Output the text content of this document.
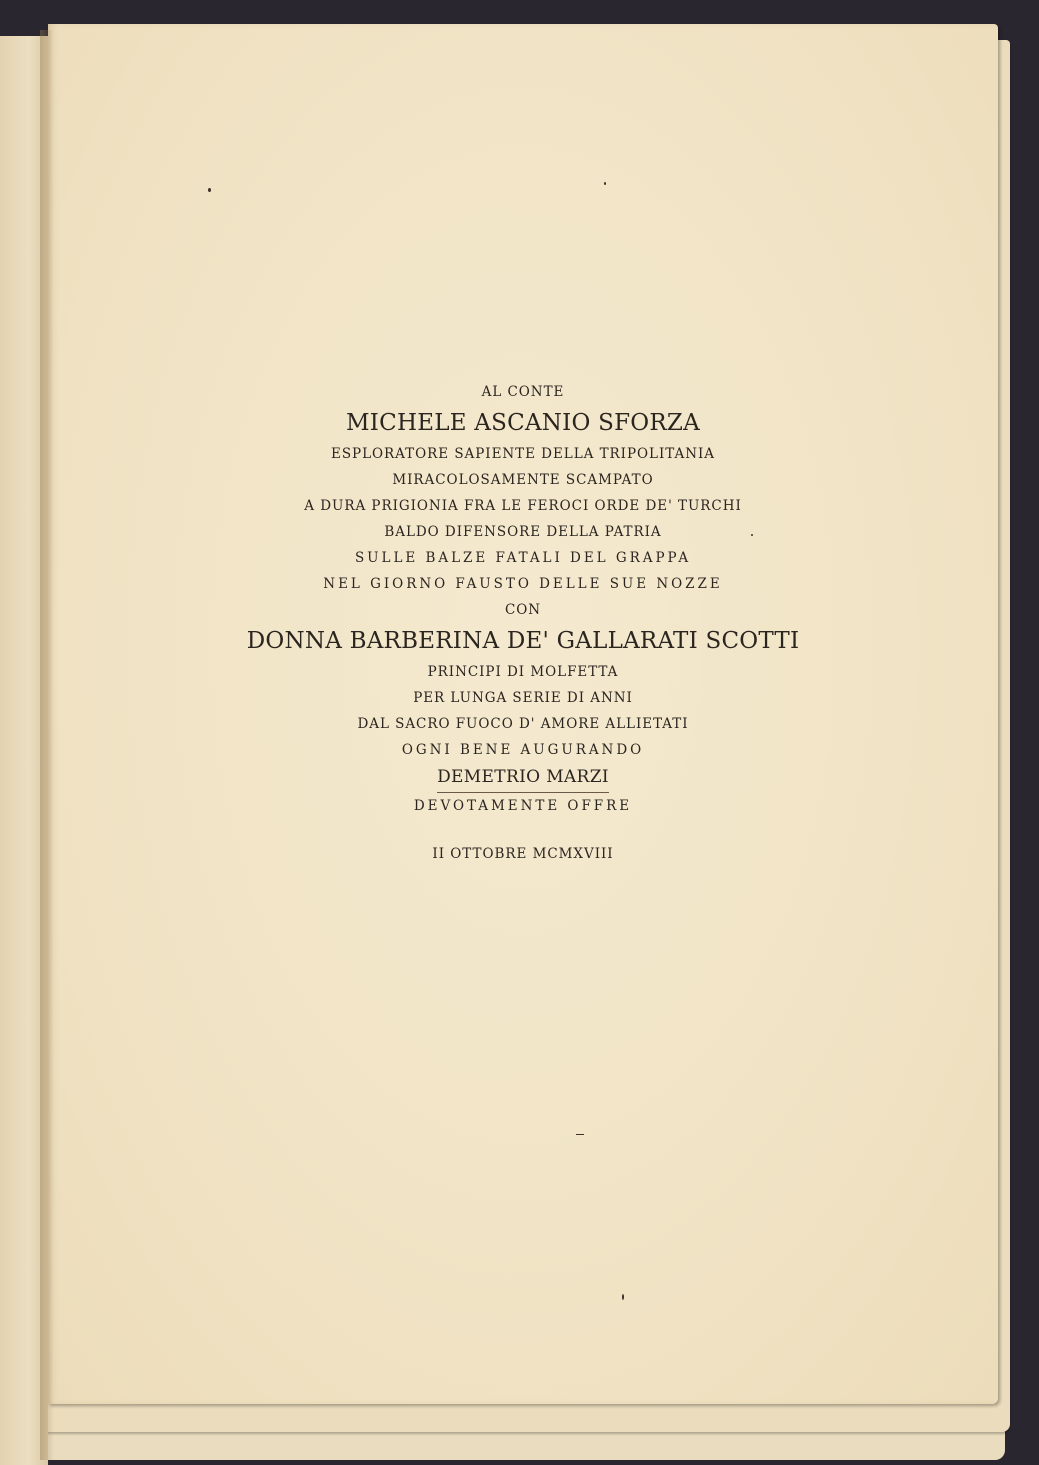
AL CONTE
MICHELE ASCANIO SFORZA
ESPLORATORE SAPIENTE DELLA TRIPOLITANIA
MIRACOLOSAMENTE SCAMPATO
A DURA PRIGIONIA FRA LE FEROCI ORDE DE' TURCHI
BALDO DIFENSORE DELLA PATRIA
SULLE BALZE FATALI DEL GRAPPA
NEL GIORNO FAUSTO DELLE SUE NOZZE
CON
DONNA BARBERINA DE' GALLARATI SCOTTI
PRINCIPI DI MOLFETTA
PER LUNGA SERIE DI ANNI
DAL SACRO FUOCO D' AMORE ALLIETATI
OGNI BENE AUGURANDO
DEMETRIO MARZI
DEVOTAMENTE OFFRE
II OTTOBRE MCMXVIII
